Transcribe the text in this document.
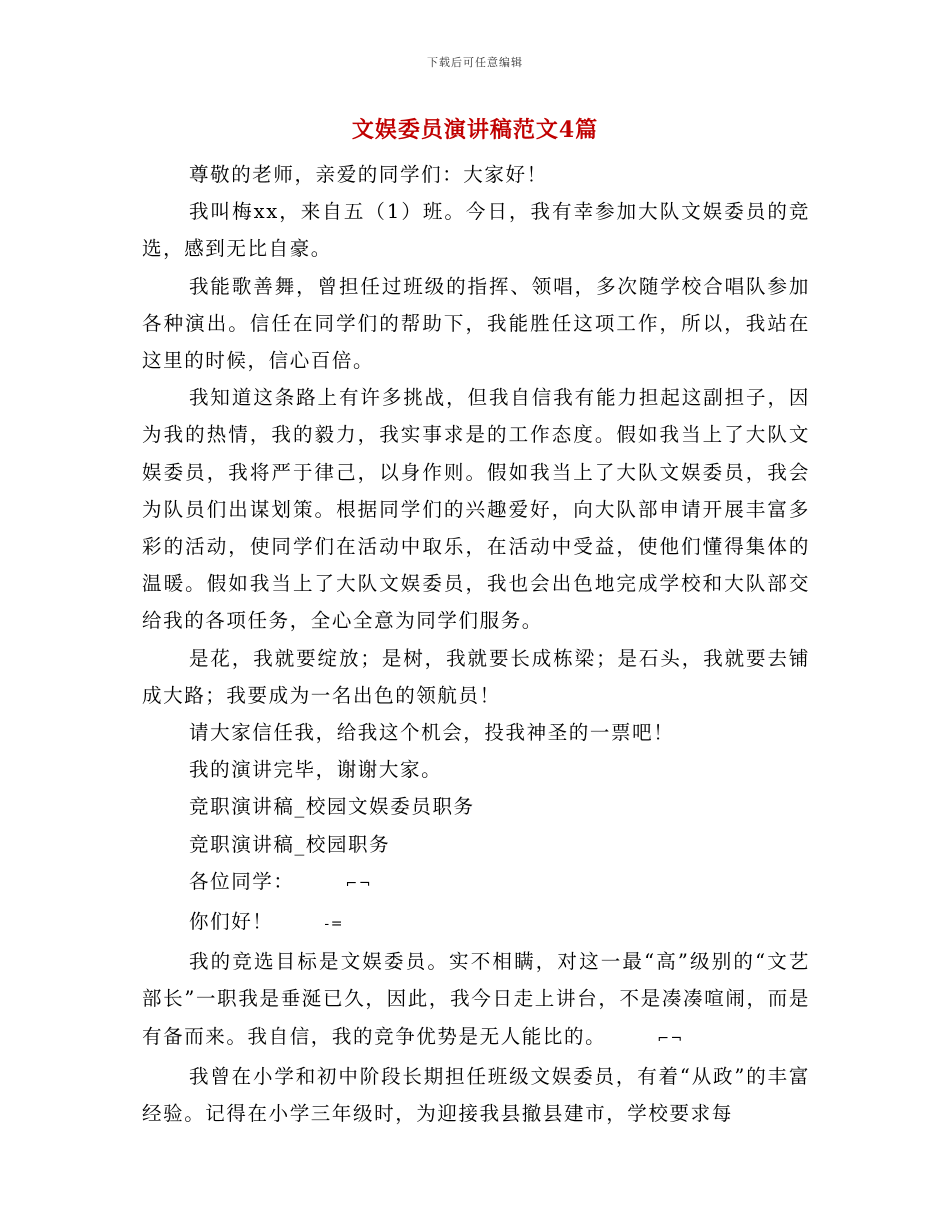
下载后可任意编辑
文娱委员演讲稿范文4篇

尊敬的老师，亲爱的同学们：大家好！

我叫梅xx，来自五（1）班。今日，我有幸参加大队文娱委员的竞选，感到无比自豪。

我能歌善舞，曾担任过班级的指挥、领唱，多次随学校合唱队参加各种演出。信任在同学们的帮助下，我能胜任这项工作，所以，我站在这里的时候，信心百倍。

我知道这条路上有许多挑战，但我自信我有能力担起这副担子，因为我的热情，我的毅力，我实事求是的工作态度。假如我当上了大队文娱委员，我将严于律己，以身作则。假如我当上了大队文娱委员，我会为队员们出谋划策。根据同学们的兴趣爱好，向大队部申请开展丰富多彩的活动，使同学们在活动中取乐，在活动中受益，使他们懂得集体的温暖。假如我当上了大队文娱委员，我也会出色地完成学校和大队部交给我的各项任务，全心全意为同学们服务。

是花，我就要绽放；是树，我就要长成栋梁；是石头，我就要去铺成大路；我要成为一名出色的领航员！

请大家信任我，给我这个机会，投我神圣的一票吧！

我的演讲完毕，谢谢大家。

竞职演讲稿_校园文娱委员职务

竞职演讲稿_校园职务

各位同学：	⌐¬

你们好！	-=

我的竞选目标是文娱委员。实不相瞒，对这一最“高”级别的“文艺部长”一职我是垂涎已久，因此，我今日走上讲台，不是凑凑喧闹，而是有备而来。我自信，我的竞争优势是无人能比的。	⌐¬

我曾在小学和初中阶段长期担任班级文娱委员，有着“从政”的丰富经验。记得在小学三年级时，为迎接我县撤县建市，学校要求每
